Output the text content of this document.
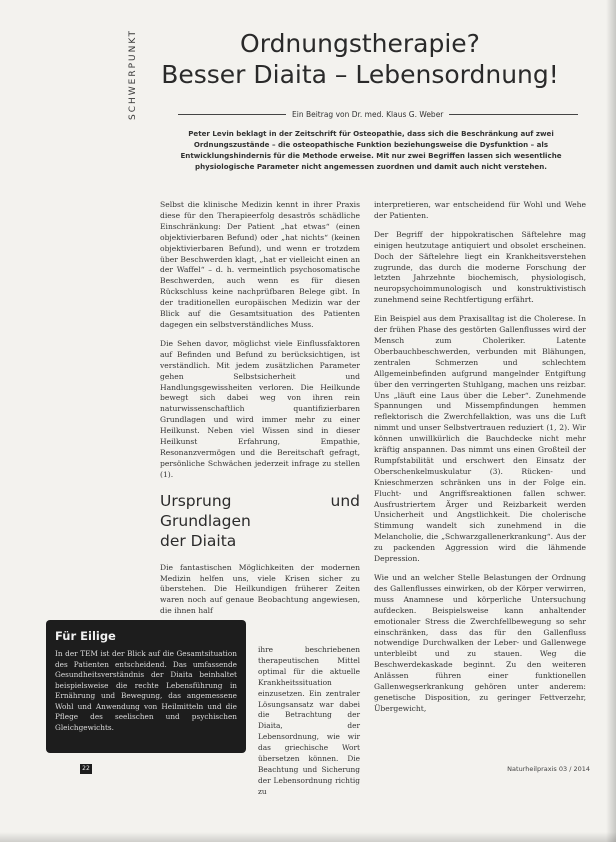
SCHWERPUNKT	Ordnungstherapie?
Besser Diaita – Lebensordnung!
Ein Beitrag von Dr. med. Klaus G. Weber
Peter Levin beklagt in der Zeitschrift für Osteopathie, dass sich die Beschränkung auf zwei Ordnungszustände – die osteopathische Funktion beziehungsweise die Dysfunktion – als Entwicklungshindernis für die Methode erweise. Mit nur zwei Begriffen lassen sich wesentliche physiologische Parameter nicht angemessen zuordnen und damit auch nicht verstehen.

Selbst die klinische Medizin kennt in ihrer Praxis diese für den Therapieerfolg desaströs schädliche Einschränkung: Der Patient „hat etwas“ (einen objektivierbaren Befund) oder „hat nichts“ (keinen objektivierbaren Befund), und wenn er trotzdem über Beschwerden klagt, „hat er vielleicht einen an der Waffel“ – d. h. vermeintlich psychosomatische Beschwerden, auch wenn es für diesen Rückschluss keine nachprüfbaren Belege gibt. In der traditionellen europäischen Medizin war der Blick auf die Gesamtsituation des Patienten dagegen ein selbstverständliches Muss.

Die Sehen davor, möglichst viele Einflussfaktoren auf Befinden und Befund zu berücksichtigen, ist verständlich. Mit jedem zusätzlichen Parameter gehen Selbstsicherheit und Handlungsgewissheiten verloren. Die Heilkunde bewegt sich dabei weg von ihren rein naturwissenschaftlich quantifizierbaren Grundlagen und wird immer mehr zu einer Heilkunst. Neben viel Wissen sind in dieser Heilkunst Erfahrung, Empathie, Resonanzvermögen und die Bereitschaft gefragt, persönliche Schwächen jederzeit infrage zu stellen (1).

Ursprung und Grundlagen
der Diaita

Die fantastischen Möglichkeiten der modernen Medizin helfen uns, viele Krisen sicher zu überstehen. Die Heilkundigen früherer Zeiten waren noch auf genaue Beobachtung angewiesen, die ihnen half

ihre beschriebenen therapeutischen Mittel optimal für die aktuelle Krankheitssituation einzusetzen. Ein zentraler Lösungsansatz war dabei die Betrachtung der Diaita, der Lebensordnung, wie wir das griechische Wort übersetzen können. Die Beachtung und Sicherung der Lebensordnung richtig zu

interpretieren, war entscheidend für Wohl und Wehe der Patienten.

Der Begriff der hippokratischen Säftelehre mag einigen heutzutage antiquiert und obsolet erscheinen. Doch der Säftelehre liegt ein Krankheitsverstehen zugrunde, das durch die moderne Forschung der letzten Jahrzehnte biochemisch, physiologisch, neuropsychoimmunologisch und konstruktivistisch zunehmend seine Rechtfertigung erfährt.

Ein Beispiel aus dem Praxisalltag ist die Cholerese. In der frühen Phase des gestörten Gallenflusses wird der Mensch zum Choleriker. Latente Oberbauchbeschwerden, verbunden mit Blähungen, zentralen Schmerzen und schlechtem Allgemeinbefinden aufgrund mangelnder Entgiftung über den verringerten Stuhlgang, machen uns reizbar. Uns „läuft eine Laus über die Leber“. Zunehmende Spannungen und Missempfindungen hemmen reflektorisch die Zwerchfellaktion, was uns die Luft nimmt und unser Selbstvertrauen reduziert (1, 2). Wir können unwillkürlich die Bauchdecke nicht mehr kräftig anspannen. Das nimmt uns einen Großteil der Rumpfstabilität und erschwert den Einsatz der Oberschenkelmuskulatur (3). Rücken- und Knieschmerzen schränken uns in der Folge ein. Flucht- und Angriffsreaktionen fallen schwer. Ausfrustriertem Ärger und Reizbarkeit werden Unsicherheit und Angstlichkeit. Die cholerische Stimmung wandelt sich zunehmend in die Melancholie, die „Schwarzgallenerkrankung“. Aus der zu packenden Aggression wird die lähmende Depression.

Wie und an welcher Stelle Belastungen der Ordnung des Gallenflusses einwirken, ob der Körper verwirren, muss Anamnese und körperliche Untersuchung aufdecken. Beispielsweise kann anhaltender emotionaler Stress die Zwerchfellbewegung so sehr einschränken, dass das für den Gallenfluss notwendige Durchwalken der Leber- und Gallenwege unterbleibt und zu stauen. Weg die Beschwerdekaskade beginnt. Zu den weiteren Anlässen führen einer funktionellen Gallenwegserkrankung gehören unter anderem: genetische Disposition, zu geringer Fettverzehr, Übergewicht,

Für Eilige

In der TEM ist der Blick auf die Gesamtsituation des Patienten entscheidend. Das umfassende Gesundheitsverständnis der Diaita beinhaltet beispielsweise die rechte Lebensführung in Ernährung und Bewegung, das angemessene Wohl und Anwendung von Heilmitteln und die Pflege des seelischen und psychischen Gleichgewichts.

22	Naturheilpraxis 03 / 2014
